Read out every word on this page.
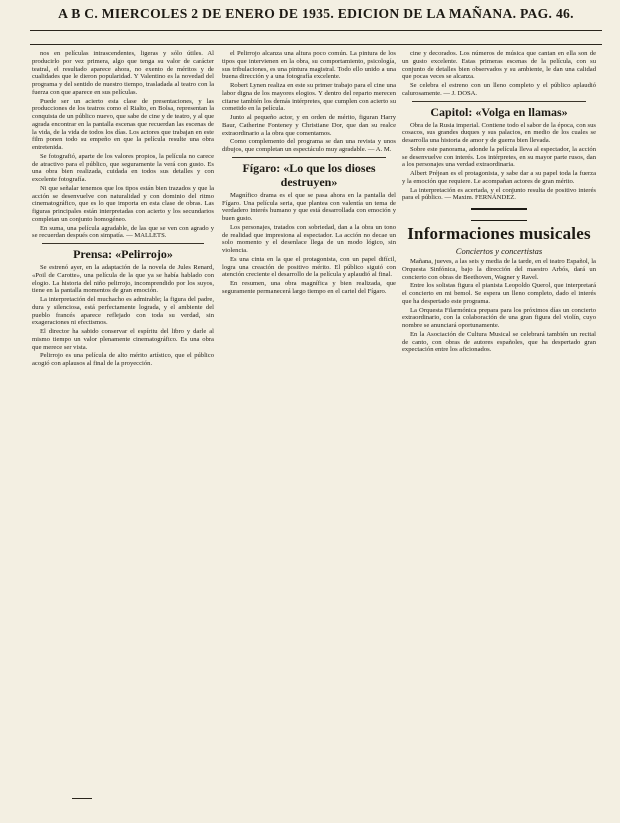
A B C. MIERCOLES 2 DE ENERO DE 1935. EDICION DE LA MAÑANA. PAG. 46.

nos en películas intrascendentes, ligeras y sólo útiles. Al producirlo por vez primera, algo que tenga su valor de carácter teatral, el resultado aparece ahora, no exento de méritos y de cualidades que le dieron popularidad. Y Valentino es la novedad del programa y del sentido de nuestro tiempo, trasladada al teatro con la fuerza con que aparece en sus películas.

Puede ser un acierto esta clase de presentaciones, y las producciones de los teatros como el Rialto, en Bolsa, representan la conquista de un público nuevo, que sabe de cine y de teatro, y al que agrada encontrar en la pantalla escenas que recuerdan las escenas de la vida, de la vida de todos los días. Los actores que trabajan en este film ponen todo su empeño en que la película resulte una obra entretenida.

Se fotografió, aparte de los valores propios, la película no carece de atractivo para el público, que seguramente la verá con gusto. Es una obra bien realizada, cuidada en todos sus detalles y con excelente fotografía.

Ni que señalar tenemos que los tipos están bien trazados y que la acción se desenvuelve con naturalidad y con dominio del ritmo cinematográfico, que es lo que importa en esta clase de obras. Las figuras principales están interpretadas con acierto y los secundarios completan un conjunto homogéneo.

En suma, una película agradable, de las que se ven con agrado y se recuerdan después con simpatía. — MALLETS.

Prensa: «Pelirrojo»

Se estrenó ayer, en la adaptación de la novela de Jules Renard, «Poil de Carotte», una película de la que ya se había hablado con elogio. La historia del niño pelirrojo, incomprendido por los suyos, tiene en la pantalla momentos de gran emoción.

La interpretación del muchacho es admirable; la figura del padre, dura y silenciosa, está perfectamente lograda, y el ambiente del pueblo francés aparece reflejado con toda su verdad, sin exageraciones ni efectismos.

El director ha sabido conservar el espíritu del libro y darle al mismo tiempo un valor plenamente cinematográfico. Es una obra que merece ser vista.

Pelirrojo es una película de alto mérito artístico, que el público acogió con aplausos al final de la proyección.

el Pelirrojo alcanza una altura poco común. La pintura de los tipos que intervienen en la obra, su comportamiento, psicología, sus tribulaciones, es una pintura magistral. Todo ello unido a una buena dirección y a una fotografía excelente.

Robert Lynen realiza en este su primer trabajo para el cine una labor digna de los mayores elogios. Y dentro del reparto merecen citarse también los demás intérpretes, que cumplen con acierto su cometido en la película.

Junto al pequeño actor, y en orden de mérito, figuran Harry Baur, Catherine Fonteney y Christiane Dor, que dan su realce extraordinario a la obra que comentamos.

Como complemento del programa se dan una revista y unos dibujos, que completan un espectáculo muy agradable. — A. M.

Fígaro: «Lo que los dioses destruyen»

Magnífico drama es el que se pasa ahora en la pantalla del Fígaro. Una película seria, que plantea con valentía un tema de verdadero interés humano y que está desarrollada con emoción y buen gusto.

Los personajes, tratados con sobriedad, dan a la obra un tono de realidad que impresiona al espectador. La acción no decae un solo momento y el desenlace llega de un modo lógico, sin violencia.

Es una cinta en la que el protagonista, con un papel difícil, logra una creación de positivo mérito. El público siguió con atención creciente el desarrollo de la película y aplaudió al final.

En resumen, una obra magnífica y bien realizada, que seguramente permanecerá largo tiempo en el cartel del Fígaro.

cine y decorados. Los números de música que cantan en ella son de un gusto excelente. Estas primeras escenas de la película, con su conjunto de detalles bien observados y su ambiente, le dan una calidad que pocas veces se alcanza.

Se celebra el estreno con un lleno completo y el público aplaudió calurosamente. — J. DOSA.

Capitol: «Volga en llamas»

Obra de la Rusia imperial. Contiene todo el sabor de la época, con sus cosacos, sus grandes duques y sus palacios, en medio de los cuales se desarrolla una historia de amor y de guerra bien llevada.

Sobre este panorama, adonde la película lleva al espectador, la acción se desenvuelve con interés. Los intérpretes, en su mayor parte rusos, dan a los personajes una verdad extraordinaria.

Albert Préjean es el protagonista, y sabe dar a su papel toda la fuerza y la emoción que requiere. Le acompañan actores de gran mérito.

La interpretación es acertada, y el conjunto resulta de positivo interés para el público. — Maxim. FERNÁNDEZ.

Informaciones musicales
Conciertos y concertistas

Mañana, jueves, a las seis y media de la tarde, en el teatro Español, la Orquesta Sinfónica, bajo la dirección del maestro Arbós, dará un concierto con obras de Beethoven, Wagner y Ravel.

Entre los solistas figura el pianista Leopoldo Querol, que interpretará el concierto en mi bemol. Se espera un lleno completo, dado el interés que ha despertado este programa.

La Orquesta Filarmónica prepara para los próximos días un concierto extraordinario, con la colaboración de una gran figura del violín, cuyo nombre se anunciará oportunamente.

En la Asociación de Cultura Musical se celebrará también un recital de canto, con obras de autores españoles, que ha despertado gran expectación entre los aficionados.
